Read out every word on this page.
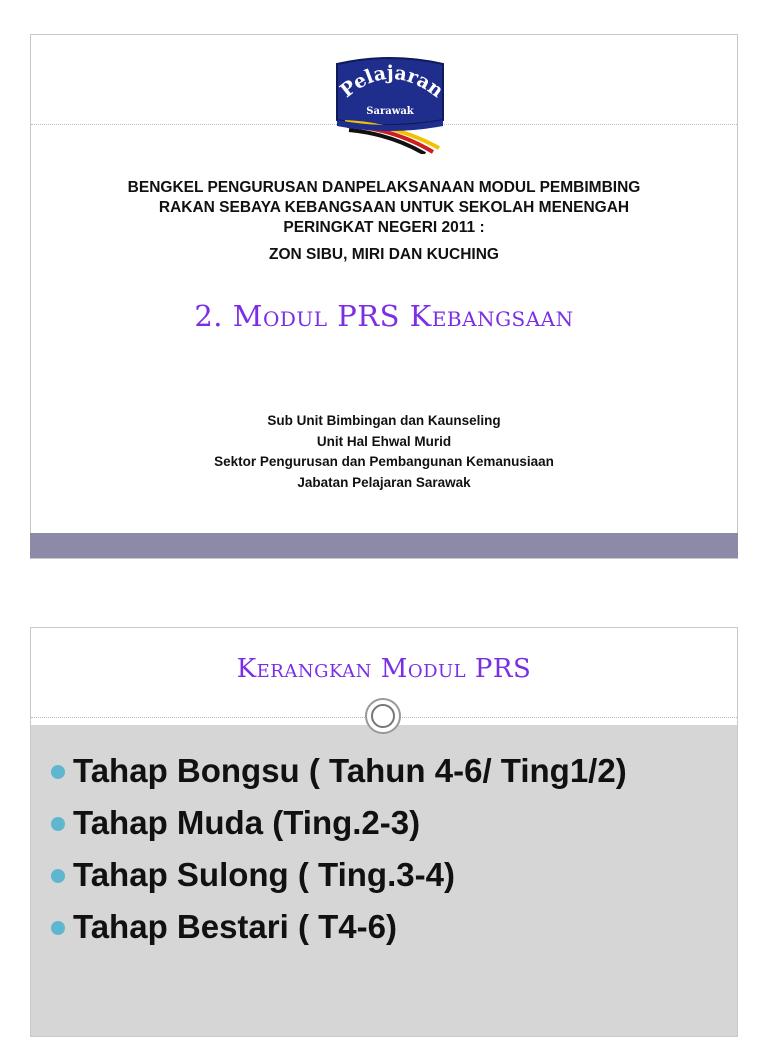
Pelajaran
Sarawak
BENGKEL PENGURUSAN DANPELAKSANAAN MODUL PEMBIMBING
RAKAN SEBAYA KEBANGSAAN UNTUK SEKOLAH MENENGAH
PERINGKAT NEGERI 2011 :
ZON SIBU, MIRI DAN KUCHING
2. Modul PRS Kebangsaan
Sub Unit Bimbingan dan Kaunseling
Unit Hal Ehwal Murid
Sektor Pengurusan dan Pembangunan Kemanusiaan
Jabatan Pelajaran Sarawak
Kerangkan Modul PRS
Tahap Bongsu ( Tahun 4-6/ Ting1/2)
Tahap Muda (Ting.2-3)
Tahap Sulong ( Ting.3-4)
Tahap Bestari ( T4-6)
